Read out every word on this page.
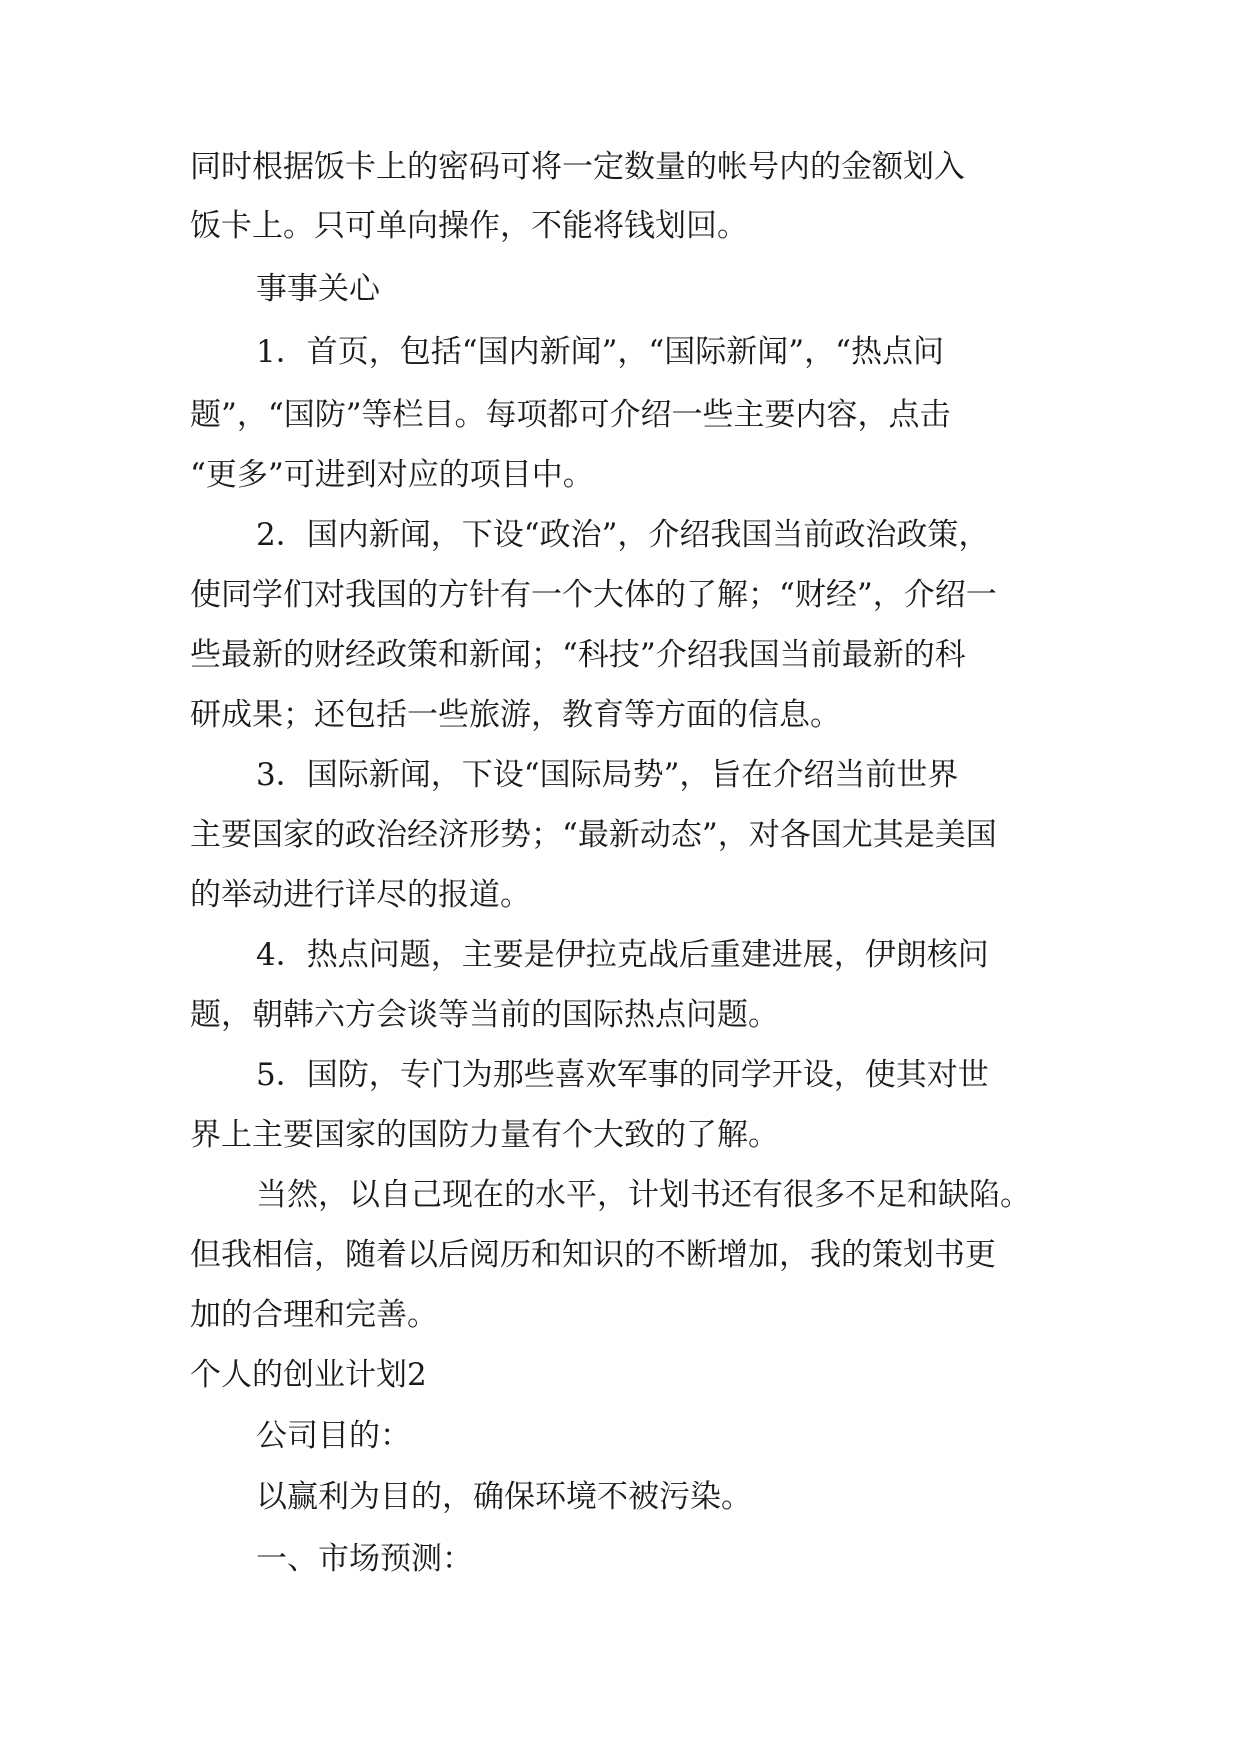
同时根据饭卡上的密码可将一定数量的帐号内的金额划入
饭卡上。只可单向操作，不能将钱划回。
事事关心
1．首页，包括“国内新闻”，“国际新闻”，“热点问
题”，“国防”等栏目。每项都可介绍一些主要内容，点击
“更多”可进到对应的项目中。
2．国内新闻，下设“政治”，介绍我国当前政治政策，
使同学们对我国的方针有一个大体的了解；“财经”，介绍一
些最新的财经政策和新闻；“科技”介绍我国当前最新的科
研成果；还包括一些旅游，教育等方面的信息。
3．国际新闻，下设“国际局势”，旨在介绍当前世界
主要国家的政治经济形势；“最新动态”，对各国尤其是美国
的举动进行详尽的报道。
4．热点问题，主要是伊拉克战后重建进展，伊朗核问
题，朝韩六方会谈等当前的国际热点问题。
5．国防，专门为那些喜欢军事的同学开设，使其对世
界上主要国家的国防力量有个大致的了解。
当然，以自己现在的水平，计划书还有很多不足和缺陷。
但我相信，随着以后阅历和知识的不断增加，我的策划书更
加的合理和完善。
个人的创业计划2
公司目的：
以赢利为目的，确保环境不被污染。
一、市场预测：
